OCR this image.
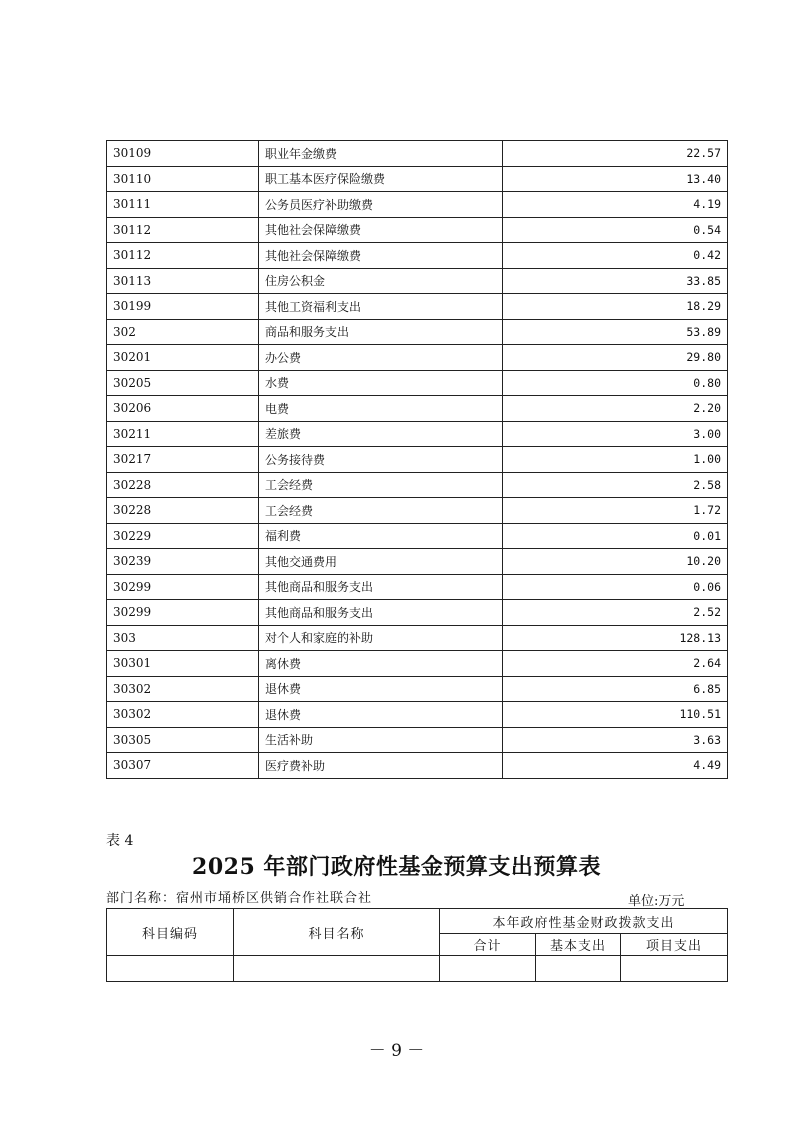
30109	职业年金缴费	22.57
30110	职工基本医疗保险缴费	13.40
30111	公务员医疗补助缴费	4.19
30112	其他社会保障缴费	0.54
30112	其他社会保障缴费	0.42
30113	住房公积金	33.85
30199	其他工资福利支出	18.29
302	商品和服务支出	53.89
30201	办公费	29.80
30205	水费	0.80
30206	电费	2.20
30211	差旅费	3.00
30217	公务接待费	1.00
30228	工会经费	2.58
30228	工会经费	1.72
30229	福利费	0.01
30239	其他交通费用	10.20
30299	其他商品和服务支出	0.06
30299	其他商品和服务支出	2.52
303	对个人和家庭的补助	128.13
30301	离休费	2.64
30302	退休费	6.85
30302	退休费	110.51
30305	生活补助	3.63
30307	医疗费补助	4.49
表 4
2025 年部门政府性基金预算支出预算表
部门名称：宿州市埇桥区供销合作社联合社	单位:万元
科目编码	科目名称	本年政府性基金财政拨款支出		
		合计	基本支出	项目支出

－ 9 －
